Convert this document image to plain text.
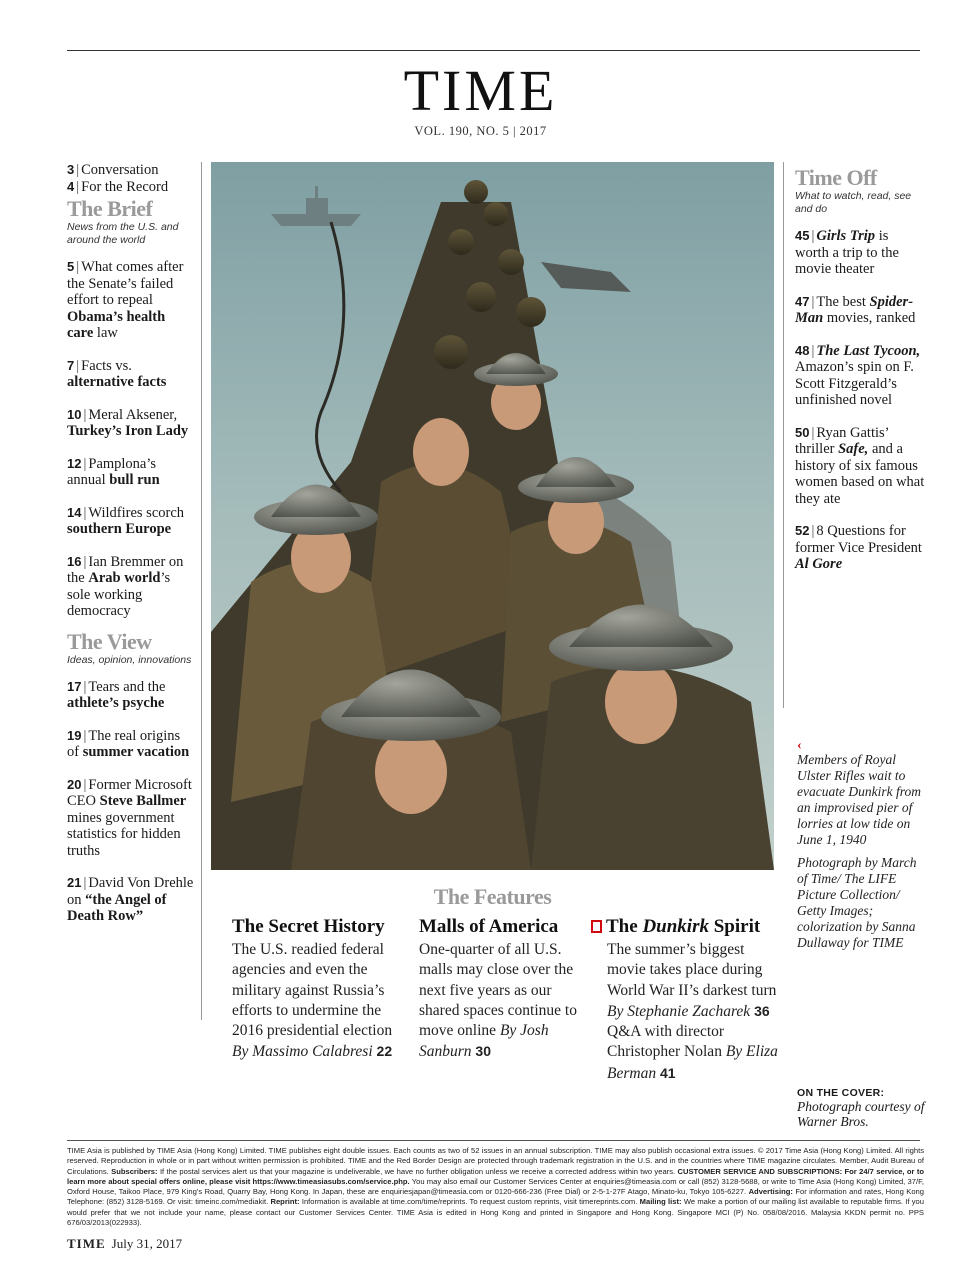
TIME
VOL. 190, NO. 5 | 2017
3 | Conversation
4 | For the Record
The Brief
News from the U.S. and around the world
5 | What comes after the Senate’s failed effort to repeal Obama’s health care law
7 | Facts vs. alternative facts
10 | Meral Aksener, Turkey’s Iron Lady
12 | Pamplona’s annual bull run
14 | Wildfires scorch southern Europe
16 | Ian Bremmer on the Arab world’s sole working democracy
The View
Ideas, opinion, innovations
17 | Tears and the athlete’s psyche
19 | The real origins of summer vacation
20 | Former Microsoft CEO Steve Ballmer mines government statistics for hidden truths
21 | David Von Drehle on “the Angel of Death Row”
Time Off
What to watch, read, see and do
45 | Girls Trip is worth a trip to the movie theater
47 | The best Spider-Man movies, ranked
48 | The Last Tycoon, Amazon’s spin on F. Scott Fitzgerald’s unfinished novel
50 | Ryan Gattis’ thriller Safe, and a history of six famous women based on what they ate
52 | 8 Questions for former Vice President Al Gore
‹

Members of Royal Ulster Rifles wait to evacuate Dunkirk from an improvised pier of lorries at low tide on June 1, 1940

Photograph by March of Time/ The LIFE Picture Collection/ Getty Images; colorization by Sanna Dullaway for TIME

ON THE COVER:
Photograph courtesy of Warner Bros.
The Features
The Secret History
The U.S. readied federal agencies and even the military against Russia’s efforts to undermine the 2016 presidential election By Massimo Calabresi 22
Malls of America
One-quarter of all U.S. malls may close over the next five years as our shared spaces continue to move online By Josh Sanburn 30
The Dunkirk Spirit
The summer’s biggest movie takes place during World War II’s darkest turn By Stephanie Zacharek 36 Q&A with director Christopher Nolan By Eliza Berman 41
TIME Asia is published by TIME Asia (Hong Kong) Limited. TIME publishes eight double issues. Each counts as two of 52 issues in an annual subscription. TIME may also publish occasional extra issues. © 2017 Time Asia (Hong Kong) Limited. All rights reserved. Reproduction in whole or in part without written permission is prohibited. TIME and the Red Border Design are protected through trademark registration in the U.S. and in the countries where TIME magazine circulates. Member, Audit Bureau of Circulations. Subscribers: If the postal services alert us that your magazine is undeliverable, we have no further obligation unless we receive a corrected address within two years. CUSTOMER SERVICE AND SUBSCRIPTIONS: For 24/7 service, or to learn more about special offers online, please visit https://www.timeasiasubs.com/service.php. You may also email our Customer Services Center at enquiries@timeasia.com or call (852) 3128-5688, or write to Time Asia (Hong Kong) Limited, 37/F, Oxford House, Taikoo Place, 979 King’s Road, Quarry Bay, Hong Kong. In Japan, these are enquiriesjapan@timeasia.com or 0120-666-236 (Free Dial) or 2-5-1-27F Atago, Minato-ku, Tokyo 105-6227. Advertising: For information and rates, Hong Kong Telephone: (852) 3128-5169. Or visit: timeinc.com/mediakit. Reprint: Information is available at time.com/time/reprints. To request custom reprints, visit timereprints.com. Mailing list: We make a portion of our mailing list available to reputable firms. If you would prefer that we not include your name, please contact our Customer Services Center. TIME Asia is edited in Hong Kong and printed in Singapore and Hong Kong. Singapore MCI (P) No. 058/08/2016. Malaysia KKDN permit no. PPS 676/03/2013(022933).
TIME July 31, 2017
